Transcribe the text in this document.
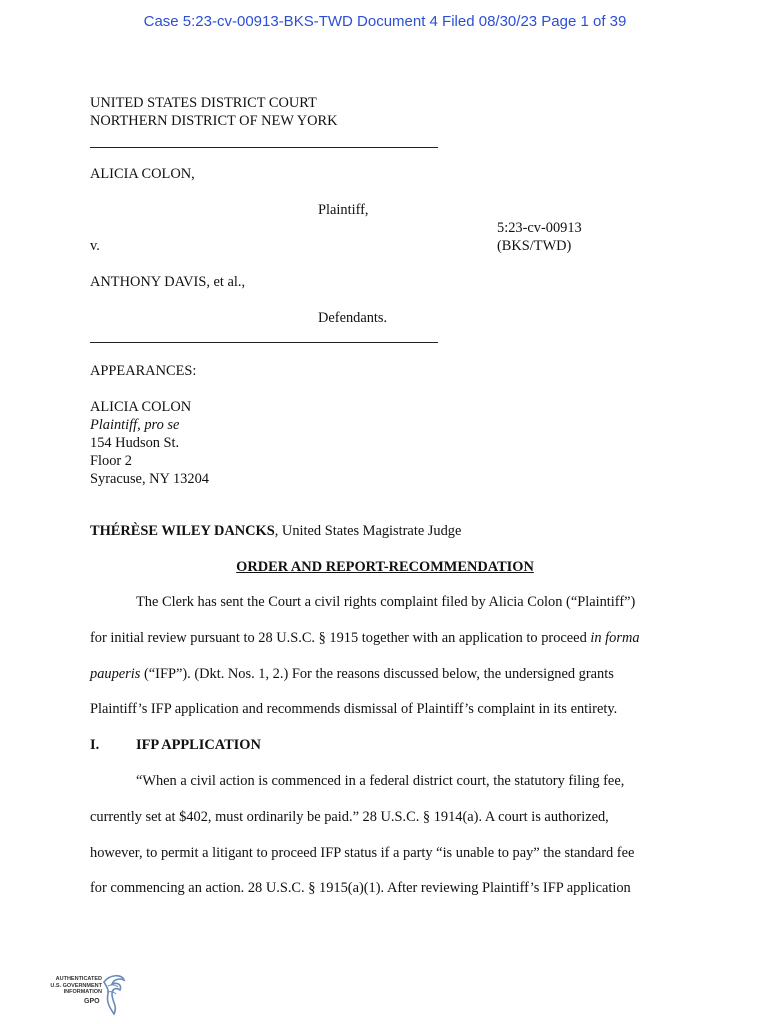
Case 5:23-cv-00913-BKS-TWD Document 4 Filed 08/30/23 Page 1 of 39
UNITED STATES DISTRICT COURT
NORTHERN DISTRICT OF NEW YORK
ALICIA COLON,
Plaintiff,
5:23-cv-00913
v.	(BKS/TWD)
ANTHONY DAVIS, et al.,
Defendants.
APPEARANCES:
ALICIA COLON
Plaintiff, pro se
154 Hudson St.
Floor 2
Syracuse, NY 13204
THÉRÈSE WILEY DANCKS, United States Magistrate Judge
ORDER AND REPORT-RECOMMENDATION
The Clerk has sent the Court a civil rights complaint filed by Alicia Colon (“Plaintiff”)
for initial review pursuant to 28 U.S.C. § 1915 together with an application to proceed in forma
pauperis (“IFP”). (Dkt. Nos. 1, 2.) For the reasons discussed below, the undersigned grants
Plaintiff’s IFP application and recommends dismissal of Plaintiff’s complaint in its entirety.
I.	IFP APPLICATION
“When a civil action is commenced in a federal district court, the statutory filing fee,
currently set at $402, must ordinarily be paid.” 28 U.S.C. § 1914(a). A court is authorized,
however, to permit a litigant to proceed IFP status if a party “is unable to pay” the standard fee
for commencing an action. 28 U.S.C. § 1915(a)(1). After reviewing Plaintiff’s IFP application
AUTHENTICATED U.S. GOVERNMENT INFORMATION
GPO
